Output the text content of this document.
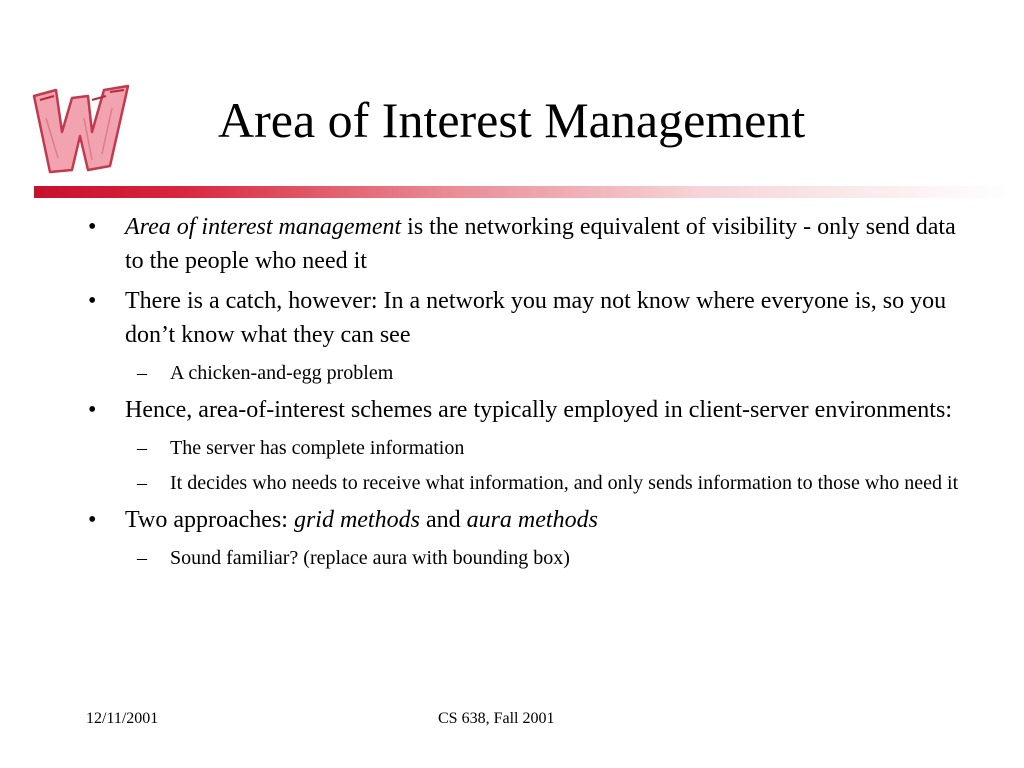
Area of Interest Management

• Area of interest management is the networking equivalent of visibility - only send data to the people who need it

• There is a catch, however: In a network you may not know where everyone is, so you don’t know what they can see

– A chicken-and-egg problem

• Hence, area-of-interest schemes are typically employed in client-server environments:

– The server has complete information

– It decides who needs to receive what information, and only sends information to those who need it

• Two approaches: grid methods and aura methods

– Sound familiar? (replace aura with bounding box)

12/11/2001	CS 638, Fall 2001
